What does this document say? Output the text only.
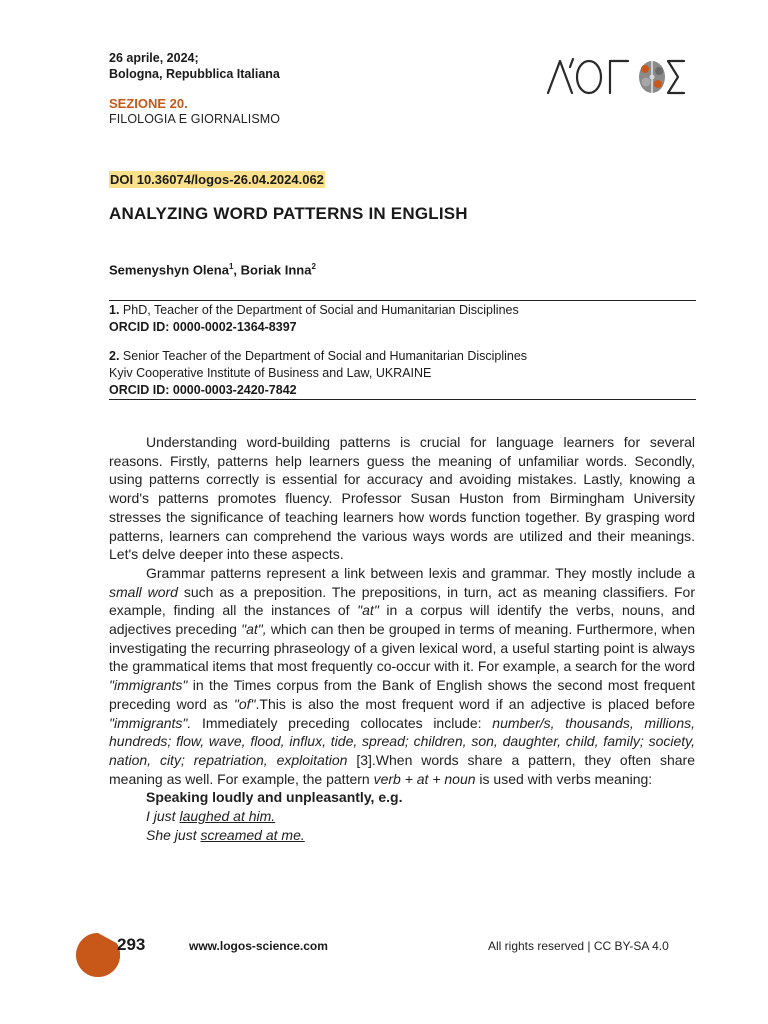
26 aprile, 2024;
Bologna, Repubblica Italiana
SEZIONE 20.
FILOLOGIA E GIORNALISMO
DOI 10.36074/logos-26.04.2024.062
ANALYZING WORD PATTERNS IN ENGLISH
Semenyshyn Olena$^1$, Boriak Inna$^2$
1. PhD, Teacher of the Department of Social and Humanitarian Disciplines
ORCID ID: 0000-0002-1364-8397
2. Senior Teacher of the Department of Social and Humanitarian Disciplines
Kyiv Cooperative Institute of Business and Law, UKRAINE
ORCID ID: 0000-0003-2420-7842

Understanding word-building patterns is crucial for language learners for several reasons. Firstly, patterns help learners guess the meaning of unfamiliar words. Secondly, using patterns correctly is essential for accuracy and avoiding mistakes. Lastly, knowing a word's patterns promotes fluency. Professor Susan Huston from Birmingham University stresses the significance of teaching learners how words function together. By grasping word patterns, learners can comprehend the various ways words are utilized and their meanings. Let's delve deeper into these aspects.

Grammar patterns represent a link between lexis and grammar. They mostly include a small word such as a preposition. The prepositions, in turn, act as meaning classifiers. For example, finding all the instances of "at" in a corpus will identify the verbs, nouns, and adjectives preceding "at", which can then be grouped in terms of meaning. Furthermore, when investigating the recurring phraseology of a given lexical word, a useful starting point is always the grammatical items that most frequently co-occur with it. For example, a search for the word "immigrants" in the Times corpus from the Bank of English shows the second most frequent preceding word as "of".This is also the most frequent word if an adjective is placed before "immigrants". Immediately preceding collocates include: number/s, thousands, millions, hundreds; flow, wave, flood, influx, tide, spread; children, son, daughter, child, family; society, nation, city; repatriation, exploitation [3].When words share a pattern, they often share meaning as well. For example, the pattern verb + at + noun is used with verbs meaning:

Speaking loudly and unpleasantly, e.g.
I just laughed at him.
She just screamed at me.
293	www.logos-science.com	All rights reserved | CC BY-SA 4.0
